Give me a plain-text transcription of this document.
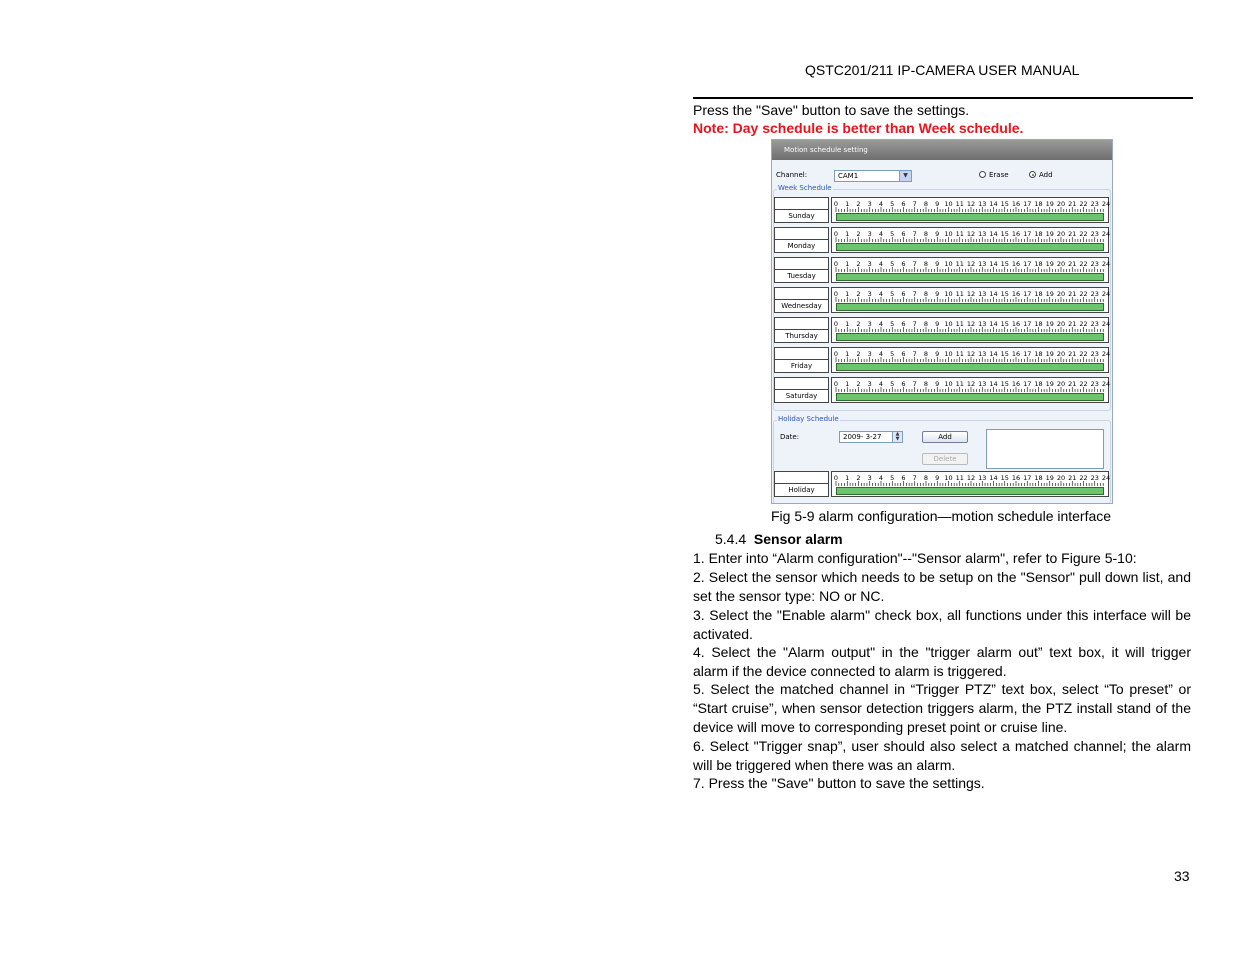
QSTC201/211 IP-CAMERA USER MANUAL
Press the "Save" button to save the settings.
Note: Day schedule is better than Week schedule.
Motion schedule setting
Channel:	CAM1	▼	Erase	Add
Week Schedule
Sunday
0 1 2 3 4 5 6 7 8 9 10 11 12 13 14 15 16 17 18 19 20 21 22 23 24
Monday
0 1 2 3 4 5 6 7 8 9 10 11 12 13 14 15 16 17 18 19 20 21 22 23 24
Tuesday
0 1 2 3 4 5 6 7 8 9 10 11 12 13 14 15 16 17 18 19 20 21 22 23 24
Wednesday
0 1 2 3 4 5 6 7 8 9 10 11 12 13 14 15 16 17 18 19 20 21 22 23 24
Thursday
0 1 2 3 4 5 6 7 8 9 10 11 12 13 14 15 16 17 18 19 20 21 22 23 24
Friday
0 1 2 3 4 5 6 7 8 9 10 11 12 13 14 15 16 17 18 19 20 21 22 23 24
Saturday
0 1 2 3 4 5 6 7 8 9 10 11 12 13 14 15 16 17 18 19 20 21 22 23 24
Holiday Schedule
Date:	2009- 3-27	▲
▼	Add
Delete
Holiday
0 1 2 3 4 5 6 7 8 9 10 11 12 13 14 15 16 17 18 19 20 21 22 23 24
Fig 5-9 alarm configuration—motion schedule interface
5.4.4 Sensor alarm
1. Enter into “Alarm configuration"--"Sensor alarm", refer to Figure 5-10:
2. Select the sensor which needs to be setup on the "Sensor" pull down list, and set the sensor type: NO or NC.
3. Select the "Enable alarm" check box, all functions under this interface will be activated.
4. Select the "Alarm output" in the "trigger alarm out” text box, it will trigger alarm if the device connected to alarm is triggered.
5. Select the matched channel in “Trigger PTZ” text box, select “To preset” or “Start cruise”, when sensor detection triggers alarm, the PTZ install stand of the device will move to corresponding preset point or cruise line.
6. Select "Trigger snap”, user should also select a matched channel; the alarm will be triggered when there was an alarm.
7. Press the "Save" button to save the settings.
33
